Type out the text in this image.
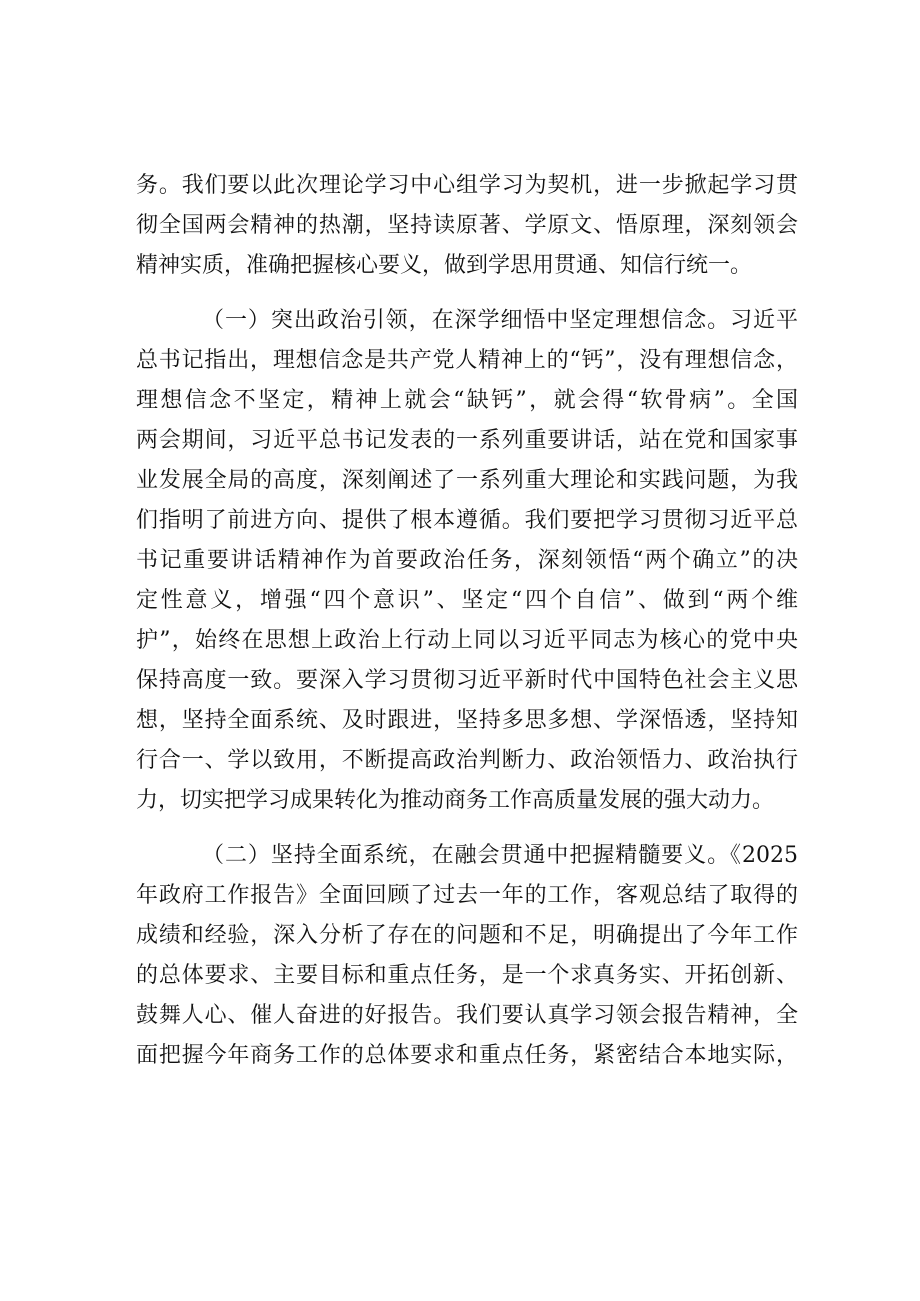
务。我们要以此次理论学习中心组学习为契机，进一步掀起学习贯
彻全国两会精神的热潮，坚持读原著、学原文、悟原理，深刻领会
精神实质，准确把握核心要义，做到学思用贯通、知信行统一。
（一）突出政治引领，在深学细悟中坚定理想信念。习近平
总书记指出，理想信念是共产党人精神上的“钙”，没有理想信念，
理想信念不坚定，精神上就会“缺钙”，就会得“软骨病”。全国
两会期间，习近平总书记发表的一系列重要讲话，站在党和国家事
业发展全局的高度，深刻阐述了一系列重大理论和实践问题，为我
们指明了前进方向、提供了根本遵循。我们要把学习贯彻习近平总
书记重要讲话精神作为首要政治任务，深刻领悟“两个确立”的决
定性意义，增强“四个意识”、坚定“四个自信”、做到“两个维
护”，始终在思想上政治上行动上同以习近平同志为核心的党中央
保持高度一致。要深入学习贯彻习近平新时代中国特色社会主义思
想，坚持全面系统、及时跟进，坚持多思多想、学深悟透，坚持知
行合一、学以致用，不断提高政治判断力、政治领悟力、政治执行
力，切实把学习成果转化为推动商务工作高质量发展的强大动力。
（二）坚持全面系统，在融会贯通中把握精髓要义。《2025
年政府工作报告》全面回顾了过去一年的工作，客观总结了取得的
成绩和经验，深入分析了存在的问题和不足，明确提出了今年工作
的总体要求、主要目标和重点任务，是一个求真务实、开拓创新、
鼓舞人心、催人奋进的好报告。我们要认真学习领会报告精神，全
面把握今年商务工作的总体要求和重点任务，紧密结合本地实际，
